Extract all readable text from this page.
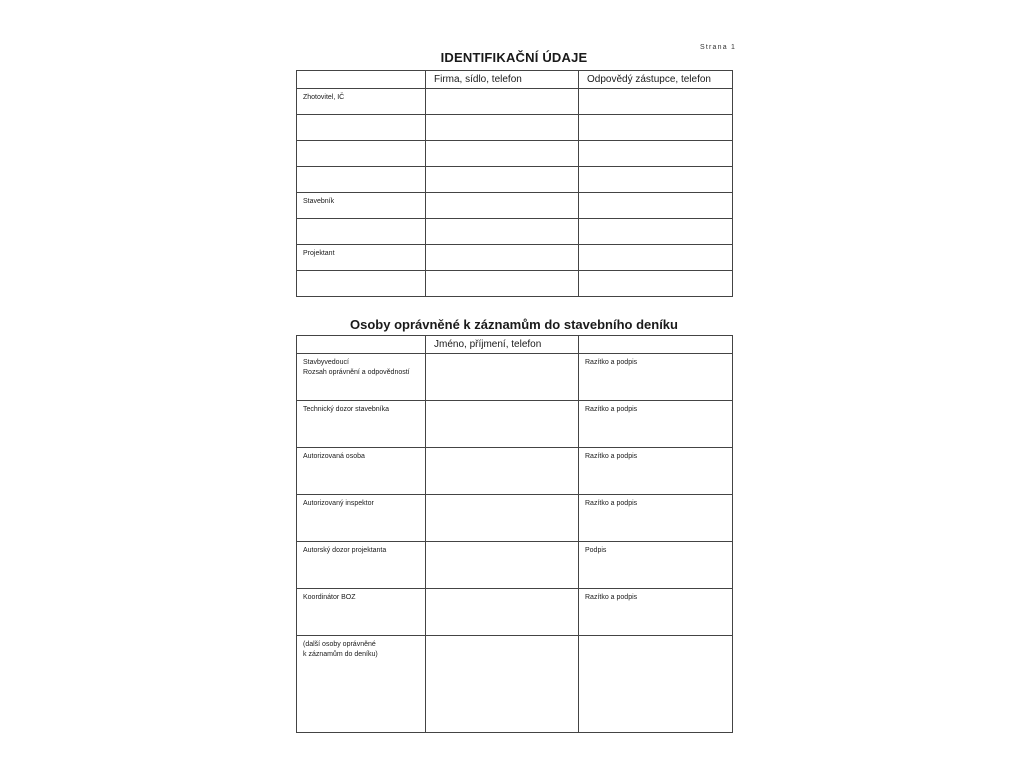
Strana 1
IDENTIFIKAČNÍ ÚDAJE

	Firma, sídlo, telefon	Odpovědý zástupce, telefon

Zhotovitel, IČ		

Stavebník		

Projektant		

Osoby oprávněné k záznamům do stavebního deníku

	Jméno, příjmení, telefon	

Stavbyvedoucí
Rozsah oprávnění a odpovědností		Razítko a podpis

Technický dozor stavebníka		Razítko a podpis

Autorizovaná osoba		Razítko a podpis

Autorizovaný inspektor		Razítko a podpis

Autorský dozor projektanta		Podpis

Koordinátor BOZ		Razítko a podpis

(další osoby oprávněné
k záznamům do deníku)		
